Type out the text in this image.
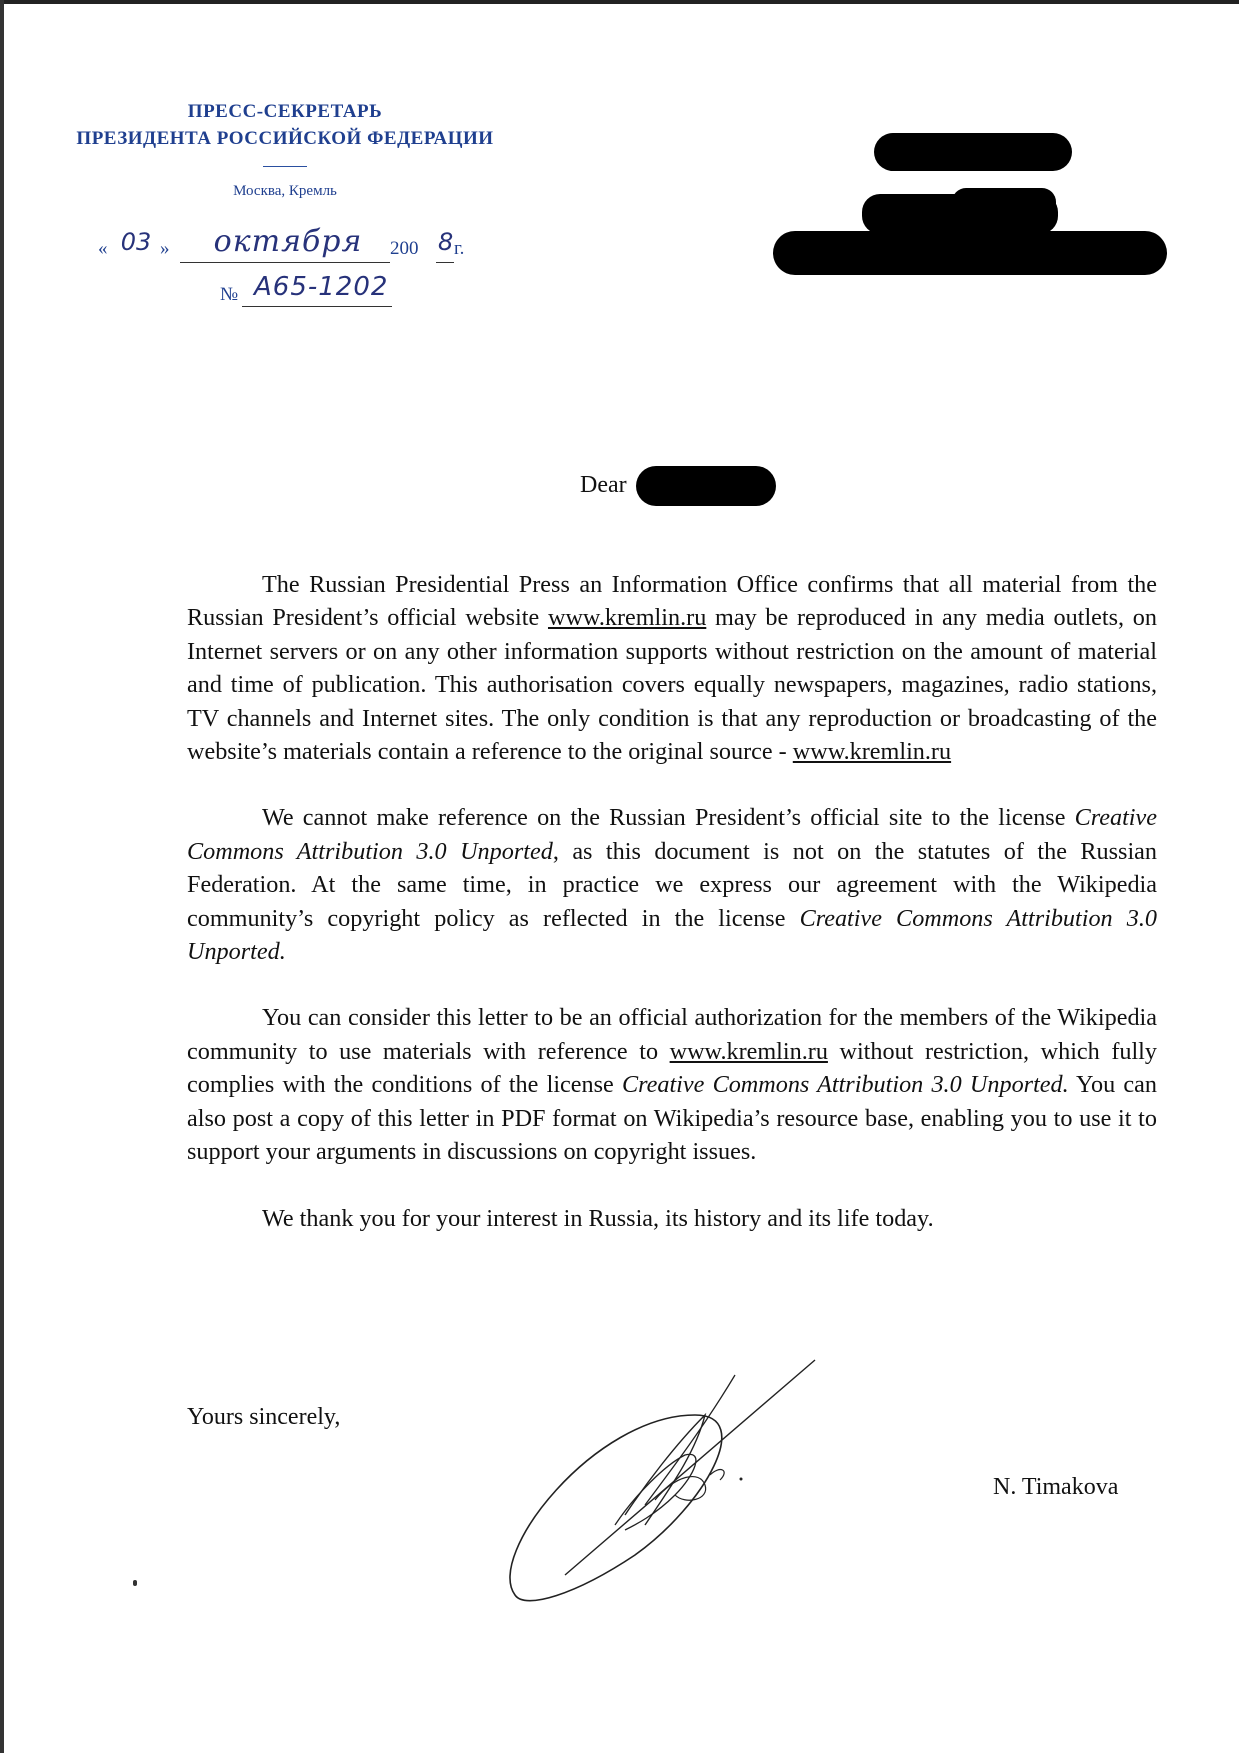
ПРЕСС-СЕКРЕТАРЬ
ПРЕЗИДЕНТА РОССИЙСКОЙ ФЕДЕРАЦИИ
Москва, Кремль
« 03 » октября 200 8 г.
№ А65-1202
Dear

The Russian Presidential Press an Information Office confirms that all material from the Russian President’s official website www.kremlin.ru may be reproduced in any media outlets, on Internet servers or on any other information supports without restriction on the amount of material and time of publication. This authorisation covers equally newspapers, magazines, radio stations, TV channels and Internet sites. The only condition is that any reproduction or broadcasting of the website’s materials contain a reference to the original source - www.kremlin.ru

We cannot make reference on the Russian President’s official site to the license Creative Commons Attribution 3.0 Unported, as this document is not on the statutes of the Russian Federation. At the same time, in practice we express our agreement with the Wikipedia community’s copyright policy as reflected in the license Creative Commons Attribution 3.0 Unported.

You can consider this letter to be an official authorization for the members of the Wikipedia community to use materials with reference to www.kremlin.ru without restriction, which fully complies with the conditions of the license Creative Commons Attribution 3.0 Unported. You can also post a copy of this letter in PDF format on Wikipedia’s resource base, enabling you to use it to support your arguments in discussions on copyright issues.

We thank you for your interest in Russia, its history and its life today.

Yours sincerely,
N. Timakova
